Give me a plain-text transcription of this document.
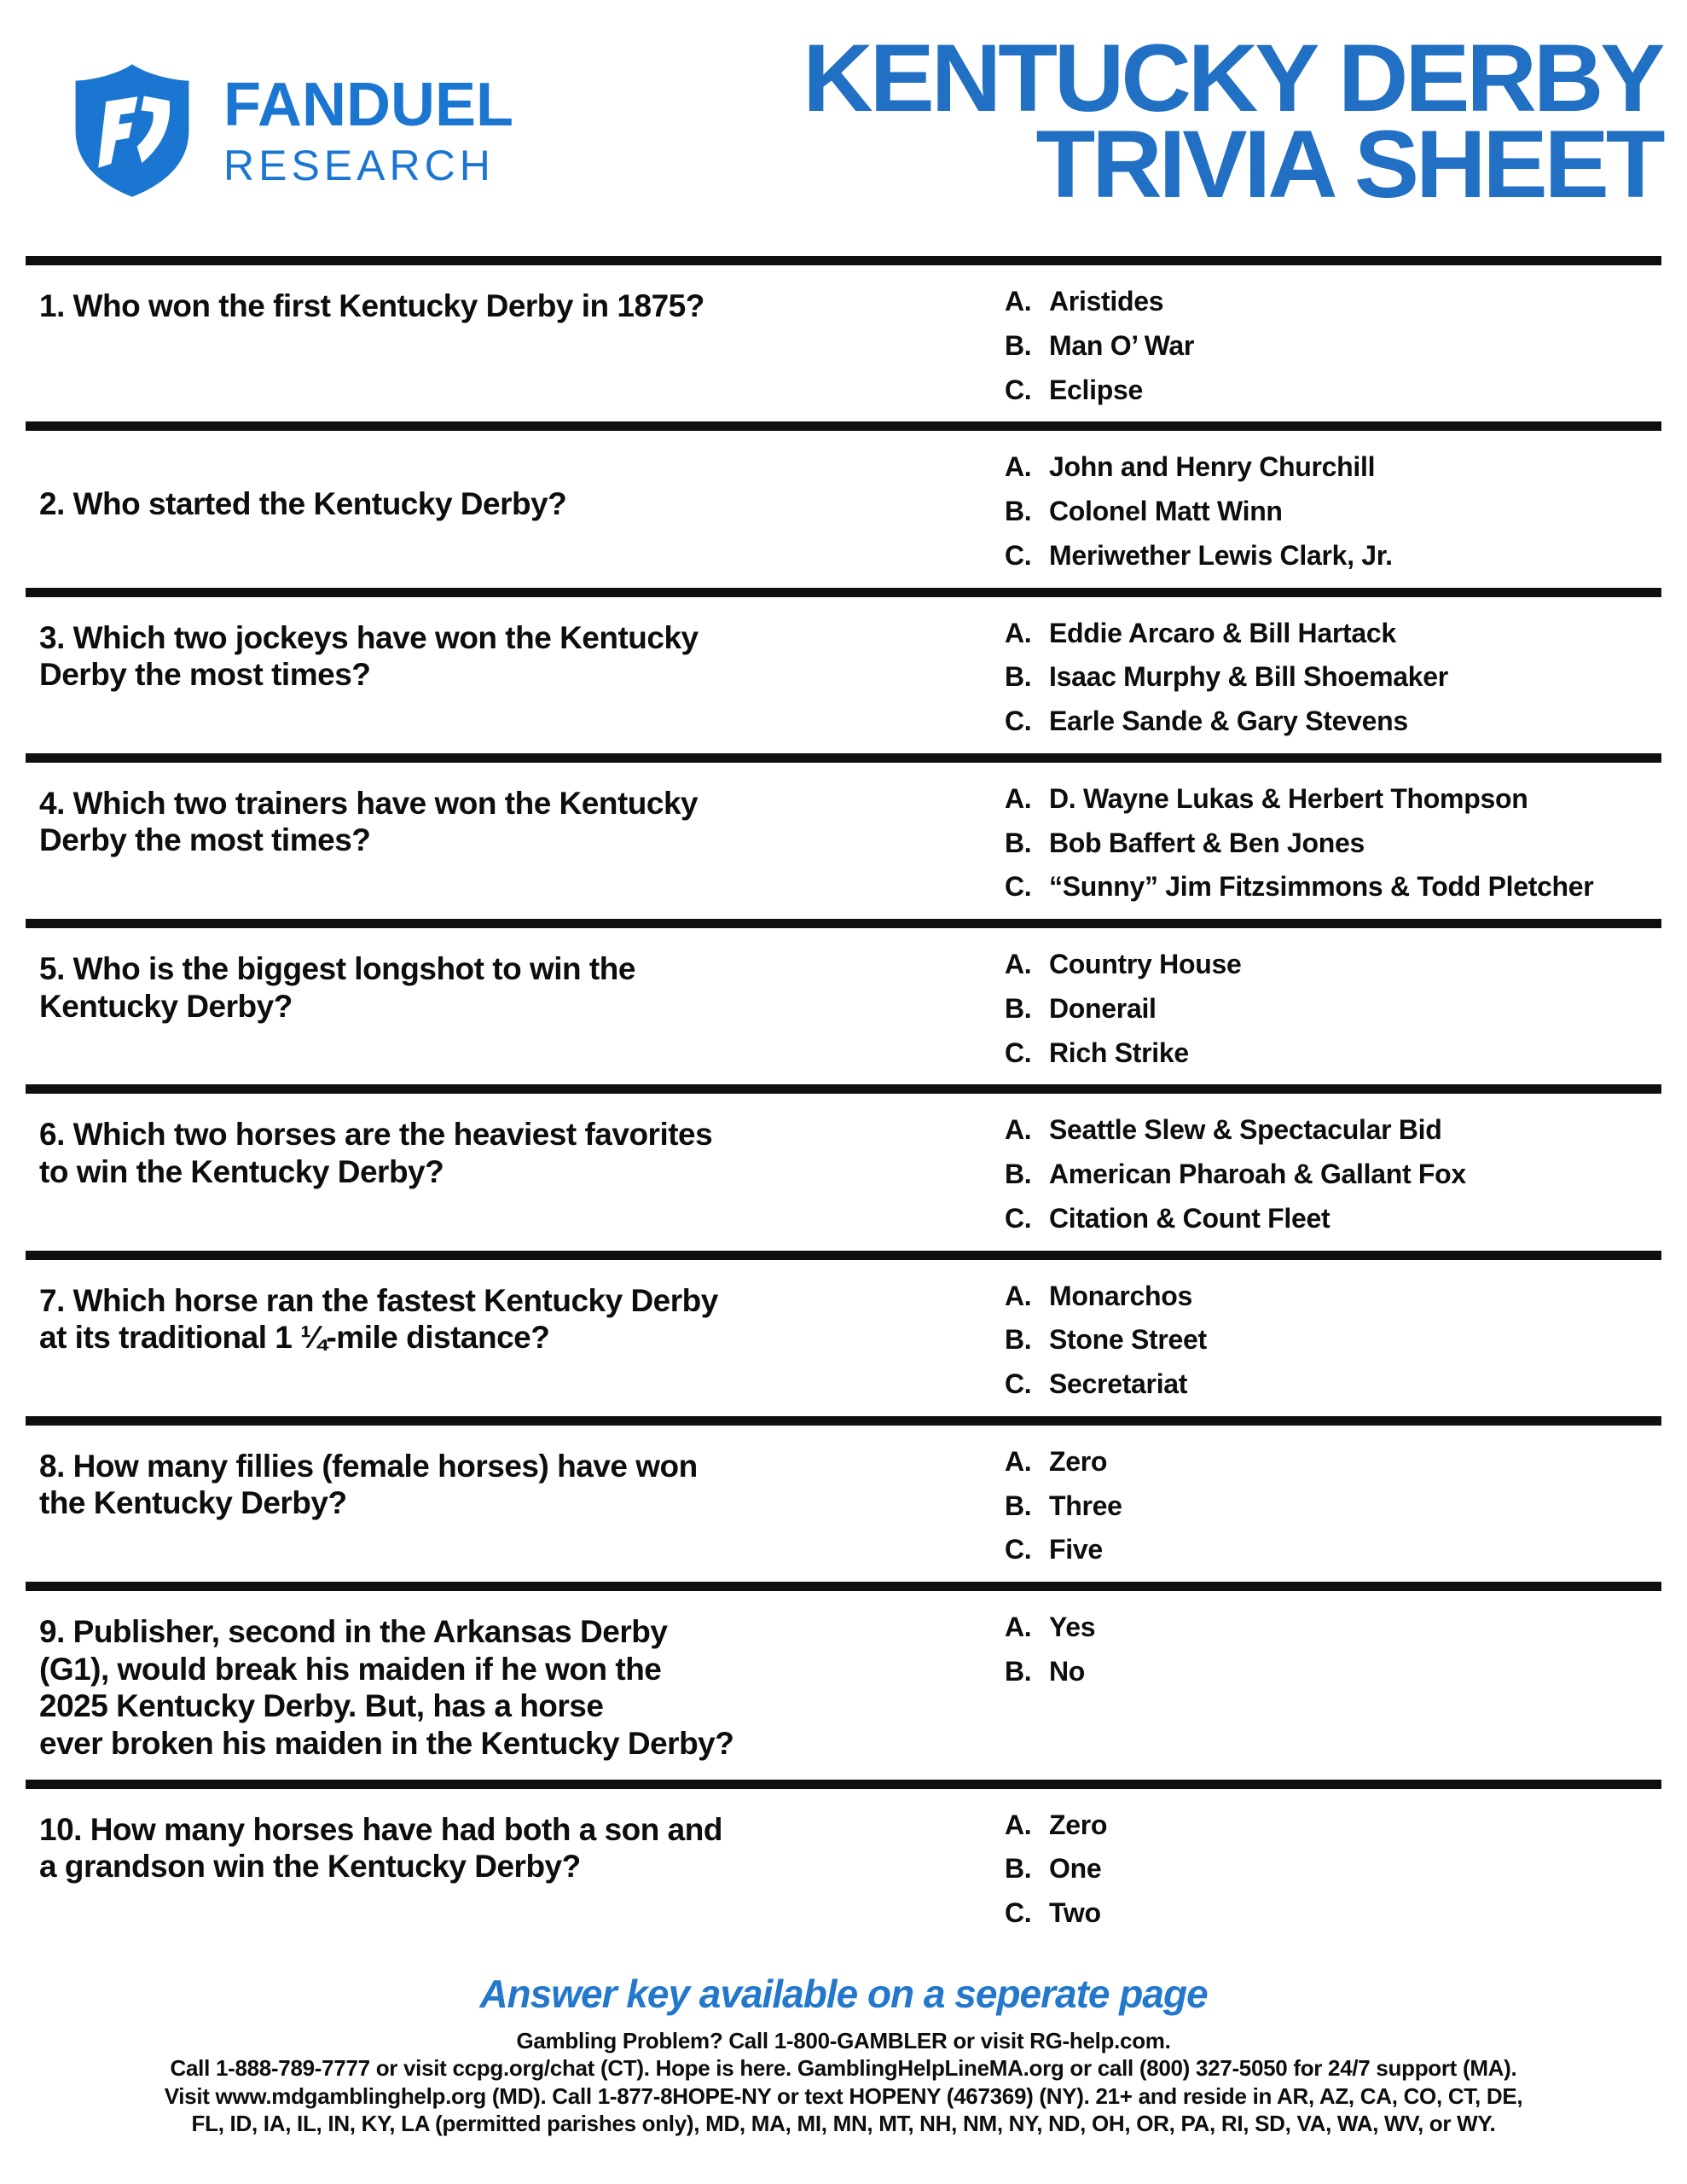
FANDUEL
RESEARCH
KENTUCKY DERBY
TRIVIA SHEET
1. Who won the first Kentucky Derby in 1875?	A. Aristides
B. Man O’ War
C. Eclipse
2. Who started the Kentucky Derby?
A. John and Henry Churchill
B. Colonel Matt Winn
C. Meriwether Lewis Clark, Jr.
3. Which two jockeys have won the Kentucky
Derby the most times?
A. Eddie Arcaro & Bill Hartack
B. Isaac Murphy & Bill Shoemaker
C. Earle Sande & Gary Stevens
4. Which two trainers have won the Kentucky
Derby the most times?
A. D. Wayne Lukas & Herbert Thompson
B. Bob Baffert & Ben Jones
C. “Sunny” Jim Fitzsimmons & Todd Pletcher
5. Who is the biggest longshot to win the
Kentucky Derby?
A. Country House
B. Donerail
C. Rich Strike
6. Which two horses are the heaviest favorites
to win the Kentucky Derby?
A. Seattle Slew & Spectacular Bid
B. American Pharoah & Gallant Fox
C. Citation & Count Fleet
7. Which horse ran the fastest Kentucky Derby
at its traditional 1 ¼-mile distance?
A. Monarchos
B. Stone Street
C. Secretariat
8. How many fillies (female horses) have won
the Kentucky Derby?
A. Zero
B. Three
C. Five
9. Publisher, second in the Arkansas Derby
(G1), would break his maiden if he won the
2025 Kentucky Derby. But, has a horse
ever broken his maiden in the Kentucky Derby?
A. Yes
B. No
10. How many horses have had both a son and
a grandson win the Kentucky Derby?
A. Zero
B. One
C. Two
Answer key available on a seperate page
Gambling Problem? Call 1-800-GAMBLER or visit RG-help.com.
Call 1-888-789-7777 or visit ccpg.org/chat (CT). Hope is here. GamblingHelpLineMA.org or call (800) 327-5050 for 24/7 support (MA).
Visit www.mdgamblinghelp.org (MD). Call 1-877-8HOPE-NY or text HOPENY (467369) (NY). 21+ and reside in AR, AZ, CA, CO, CT, DE,
FL, ID, IA, IL, IN, KY, LA (permitted parishes only), MD, MA, MI, MN, MT, NH, NM, NY, ND, OH, OR, PA, RI, SD, VA, WA, WV, or WY.
